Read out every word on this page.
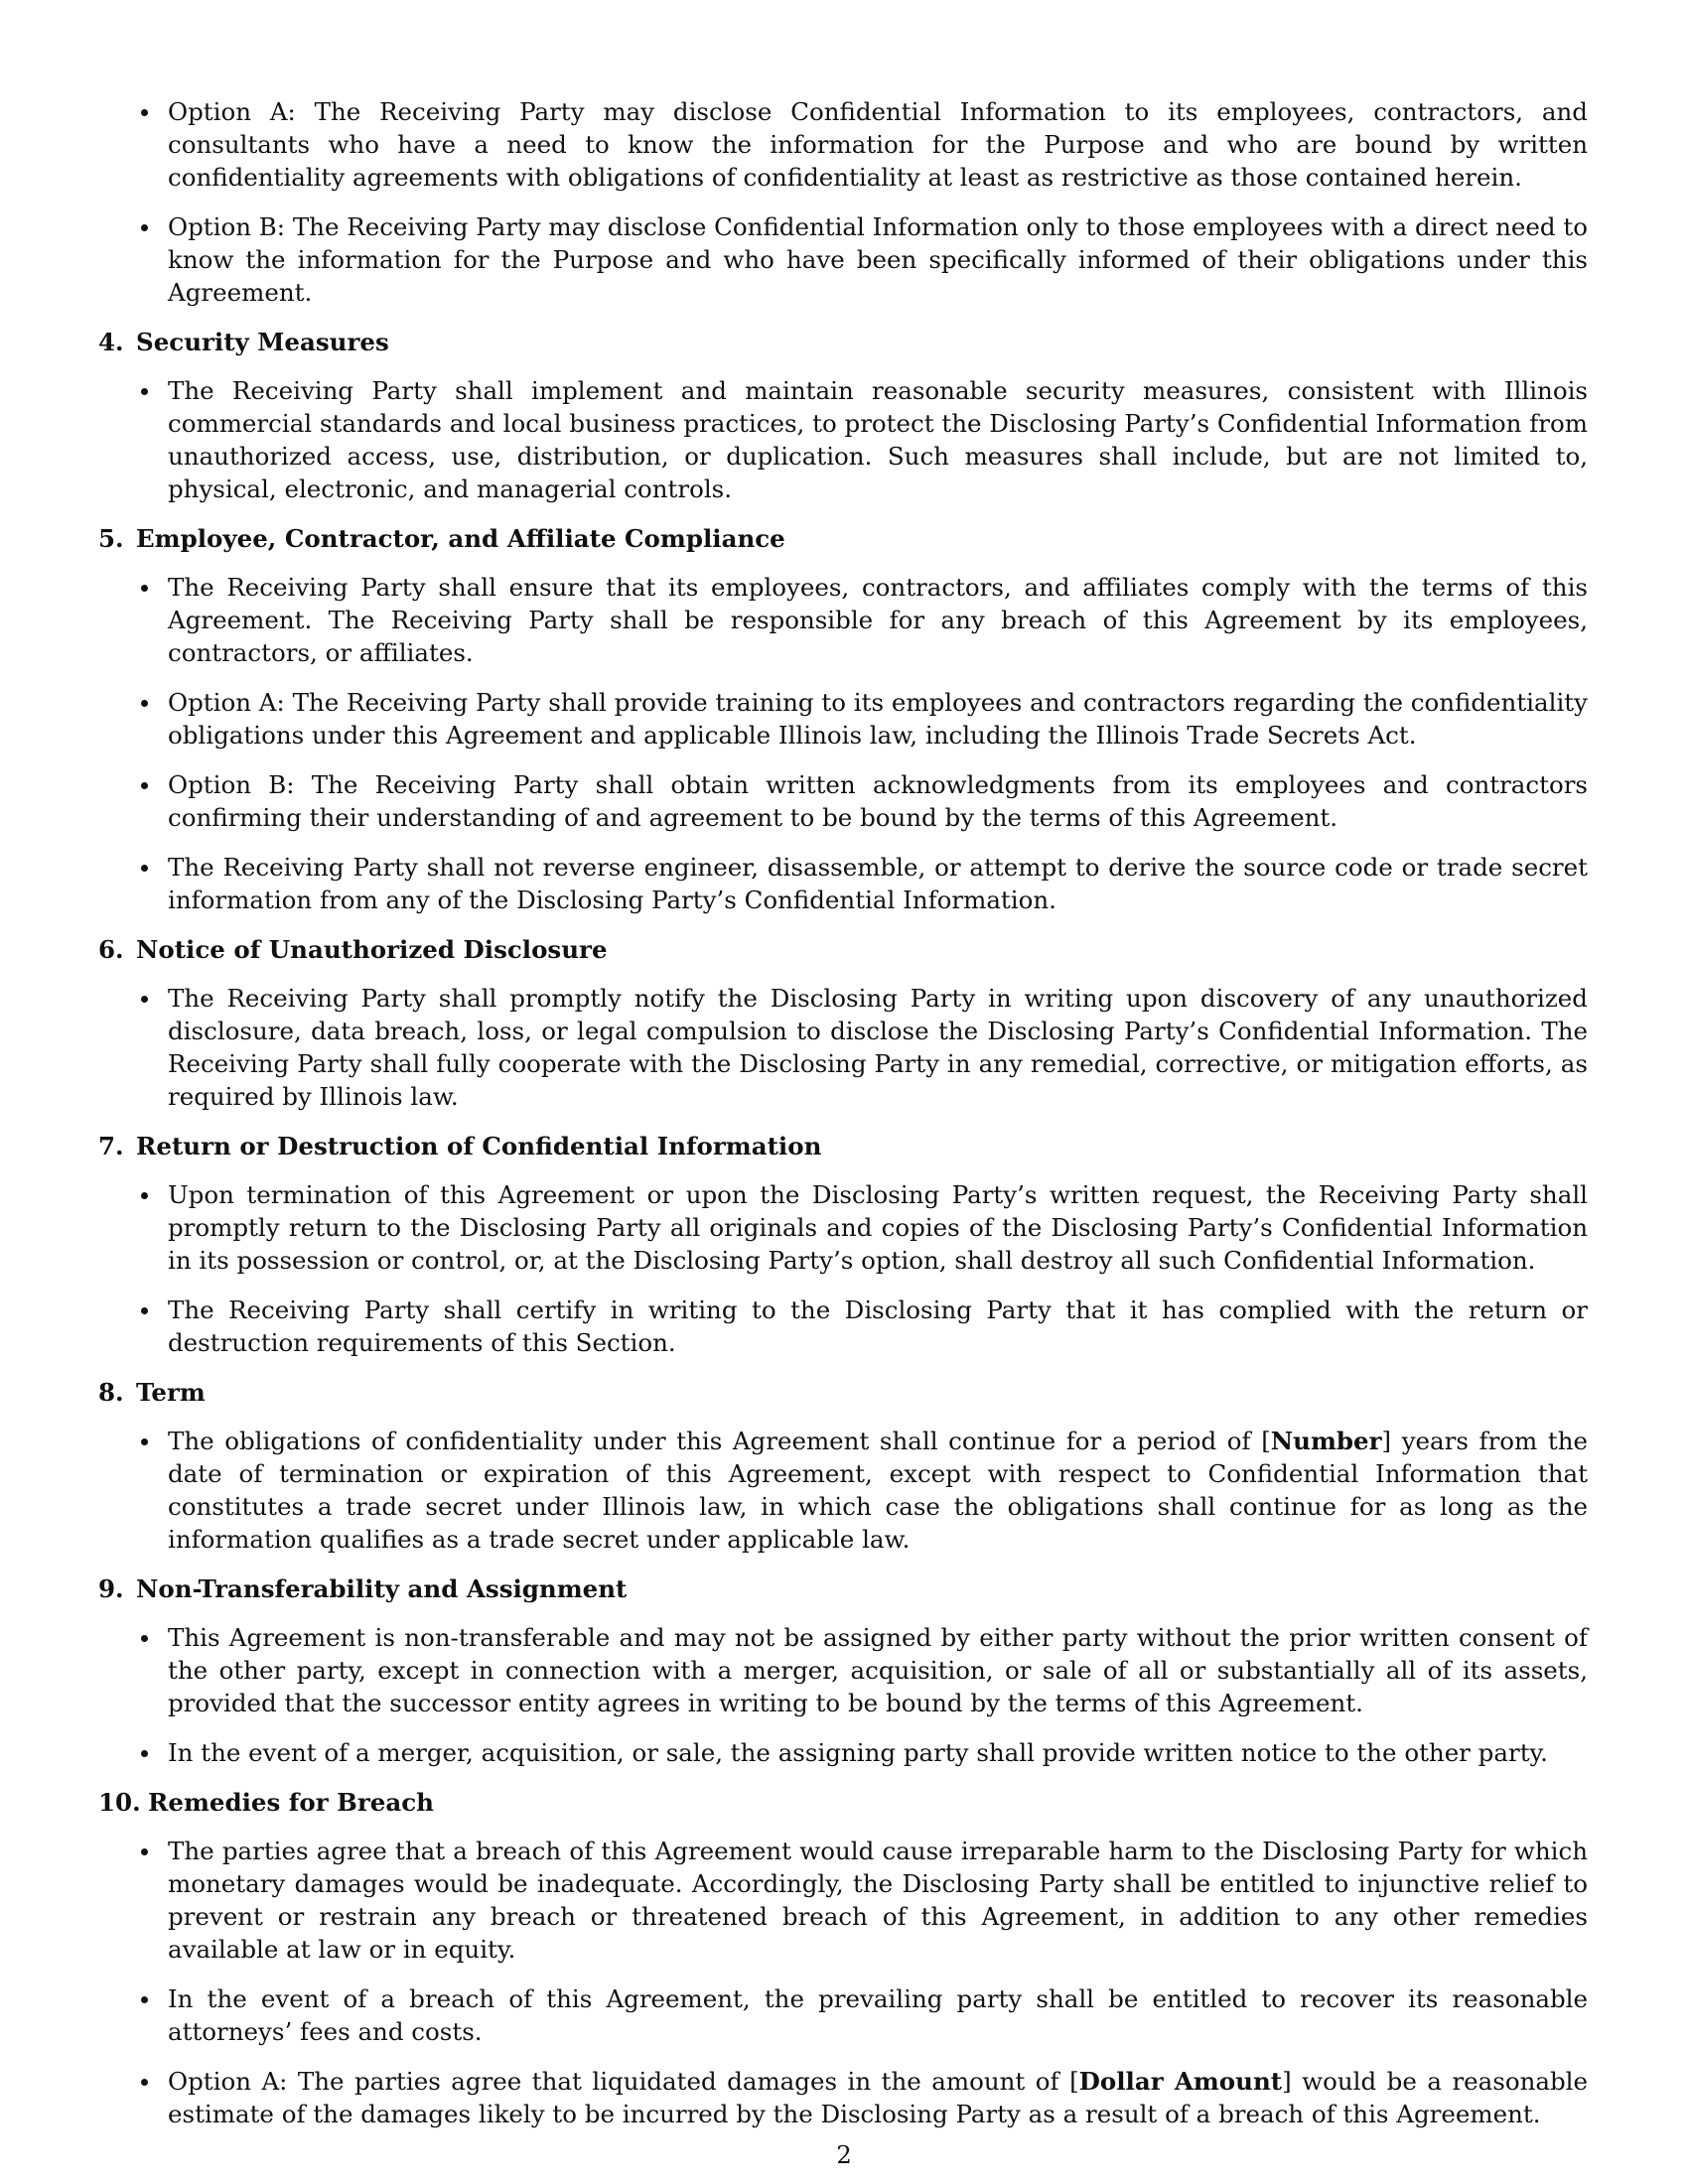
Option A: The Receiving Party may disclose Confidential Information to its employees, contractors, and consultants who have a need to know the information for the Purpose and who are bound by written confidentiality agreements with obligations of confidentiality at least as restrictive as those contained herein.
Option B: The Receiving Party may disclose Confidential Information only to those employees with a direct need to know the information for the Purpose and who have been specifically informed of their obligations under this Agreement.
4. Security Measures
The Receiving Party shall implement and maintain reasonable security measures, consistent with Illinois commercial standards and local business practices, to protect the Disclosing Party’s Confidential Information from unauthorized access, use, distribution, or duplication. Such measures shall include, but are not limited to, physical, electronic, and managerial controls.
5. Employee, Contractor, and Affiliate Compliance
The Receiving Party shall ensure that its employees, contractors, and affiliates comply with the terms of this Agreement. The Receiving Party shall be responsible for any breach of this Agreement by its employees, contractors, or affiliates.
Option A: The Receiving Party shall provide training to its employees and contractors regarding the confidentiality obligations under this Agreement and applicable Illinois law, including the Illinois Trade Secrets Act.
Option B: The Receiving Party shall obtain written acknowledgments from its employees and contractors confirming their understanding of and agreement to be bound by the terms of this Agreement.
The Receiving Party shall not reverse engineer, disassemble, or attempt to derive the source code or trade secret information from any of the Disclosing Party’s Confidential Information.
6. Notice of Unauthorized Disclosure
The Receiving Party shall promptly notify the Disclosing Party in writing upon discovery of any unauthorized disclosure, data breach, loss, or legal compulsion to disclose the Disclosing Party’s Confidential Information. The Receiving Party shall fully cooperate with the Disclosing Party in any remedial, corrective, or mitigation efforts, as required by Illinois law.
7. Return or Destruction of Confidential Information
Upon termination of this Agreement or upon the Disclosing Party’s written request, the Receiving Party shall promptly return to the Disclosing Party all originals and copies of the Disclosing Party’s Confidential Information in its possession or control, or, at the Disclosing Party’s option, shall destroy all such Confidential Information.
The Receiving Party shall certify in writing to the Disclosing Party that it has complied with the return or destruction requirements of this Section.
8. Term
The obligations of confidentiality under this Agreement shall continue for a period of [Number] years from the date of termination or expiration of this Agreement, except with respect to Confidential Information that constitutes a trade secret under Illinois law, in which case the obligations shall continue for as long as the information qualifies as a trade secret under applicable law.
9. Non-Transferability and Assignment
This Agreement is non-transferable and may not be assigned by either party without the prior written consent of the other party, except in connection with a merger, acquisition, or sale of all or substantially all of its assets, provided that the successor entity agrees in writing to be bound by the terms of this Agreement.
In the event of a merger, acquisition, or sale, the assigning party shall provide written notice to the other party.
10. Remedies for Breach
The parties agree that a breach of this Agreement would cause irreparable harm to the Disclosing Party for which monetary damages would be inadequate. Accordingly, the Disclosing Party shall be entitled to injunctive relief to prevent or restrain any breach or threatened breach of this Agreement, in addition to any other remedies available at law or in equity.
In the event of a breach of this Agreement, the prevailing party shall be entitled to recover its reasonable attorneys’ fees and costs.
Option A: The parties agree that liquidated damages in the amount of [Dollar Amount] would be a reasonable estimate of the damages likely to be incurred by the Disclosing Party as a result of a breach of this Agreement.
2
